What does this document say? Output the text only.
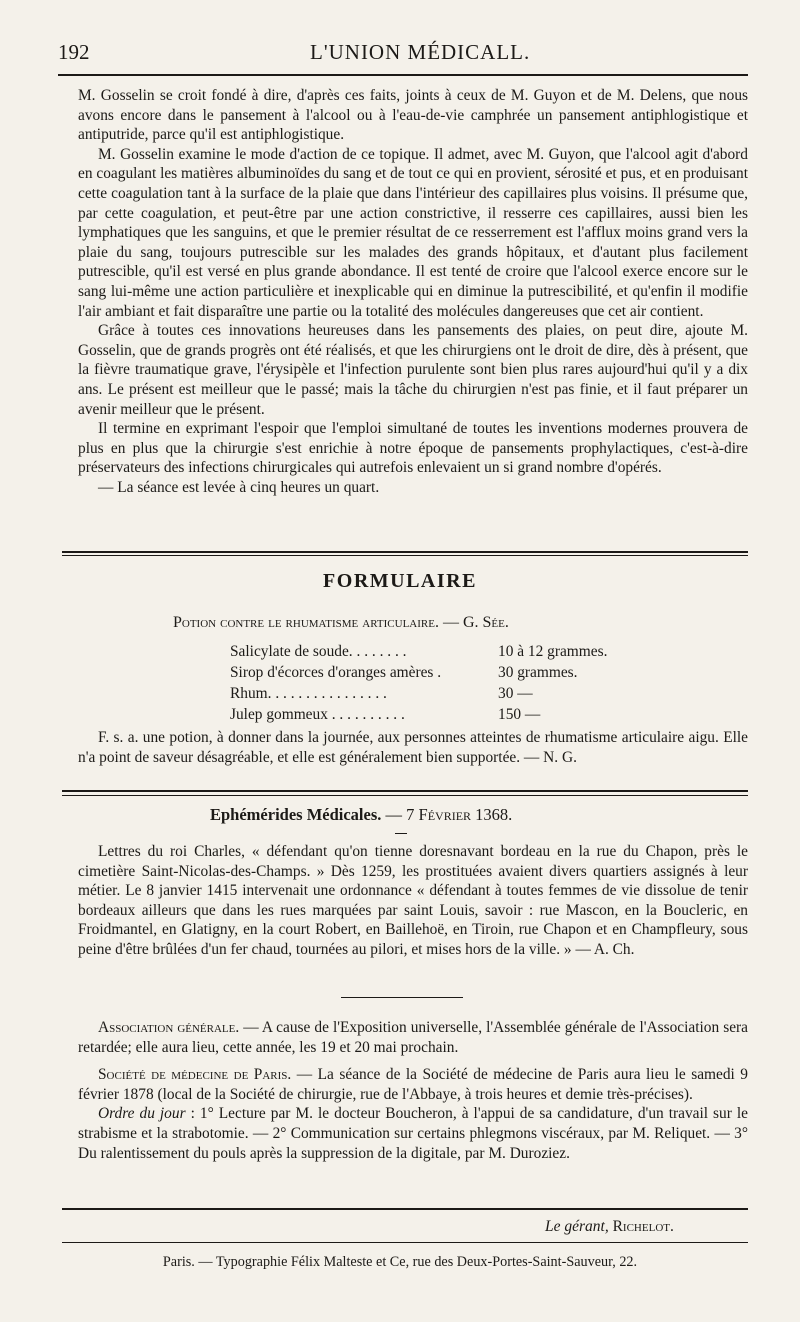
192	L'UNION MÉDICALL.

M. Gosselin se croit fondé à dire, d'après ces faits, joints à ceux de M. Guyon et de M. Delens, que nous avons encore dans le pansement à l'alcool ou à l'eau-de-vie camphrée un pansement antiphlogistique et antiputride, parce qu'il est antiphlogistique.

M. Gosselin examine le mode d'action de ce topique. Il admet, avec M. Guyon, que l'alcool agit d'abord en coagulant les matières albuminoïdes du sang et de tout ce qui en provient, sérosité et pus, et en produisant cette coagulation tant à la surface de la plaie que dans l'intérieur des capillaires plus voisins. Il présume que, par cette coagulation, et peut-être par une action constrictive, il resserre ces capillaires, aussi bien les lymphatiques que les sanguins, et que le premier résultat de ce resserrement est l'afflux moins grand vers la plaie du sang, toujours putrescible sur les malades des grands hôpitaux, et d'autant plus facilement putrescible, qu'il est versé en plus grande abondance. Il est tenté de croire que l'alcool exerce encore sur le sang lui-même une action particulière et inexplicable qui en diminue la putrescibilité, et qu'enfin il modifie l'air ambiant et fait disparaître une partie ou la totalité des molécules dangereuses que cet air contient.

Grâce à toutes ces innovations heureuses dans les pansements des plaies, on peut dire, ajoute M. Gosselin, que de grands progrès ont été réalisés, et que les chirurgiens ont le droit de dire, dès à présent, que la fièvre traumatique grave, l'érysipèle et l'infection purulente sont bien plus rares aujourd'hui qu'il y a dix ans. Le présent est meilleur que le passé; mais la tâche du chirurgien n'est pas finie, et il faut préparer un avenir meilleur que le présent.

Il termine en exprimant l'espoir que l'emploi simultané de toutes les inventions modernes prouvera de plus en plus que la chirurgie s'est enrichie à notre époque de pansements prophylactiques, c'est-à-dire préservateurs des infections chirurgicales qui autrefois enlevaient un si grand nombre d'opérés.

— La séance est levée à cinq heures un quart.

FORMULAIRE
Potion contre le rhumatisme articulaire. — G. Sée.
Salicylate de soude. . . . . . . .	10 à 12 grammes.
Sirop d'écorces d'oranges amères .	30 grammes.
Rhum. . . . . . . . . . . . . . . .	30 —
Julep gommeux . . . . . . . . . .	150 —

F. s. a. une potion, à donner dans la journée, aux personnes atteintes de rhumatisme articulaire aigu. Elle n'a point de saveur désagréable, et elle est généralement bien supportée. — N. G.

Ephémérides Médicales. — 7 Février 1368.

Lettres du roi Charles, « défendant qu'on tienne doresnavant bordeau en la rue du Chapon, près le cimetière Saint-Nicolas-des-Champs. » Dès 1259, les prostituées avaient divers quartiers assignés à leur métier. Le 8 janvier 1415 intervenait une ordonnance « défendant à toutes femmes de vie dissolue de tenir bordeaux ailleurs que dans les rues marquées par saint Louis, savoir : rue Mascon, en la Boucleric, en Froidmantel, en Glatigny, en la court Robert, en Baillehoë, en Tiroin, rue Chapon et en Champfleury, sous peine d'être brûlées d'un fer chaud, tournées au pilori, et mises hors de la ville. » — A. Ch.

Association générale. — A cause de l'Exposition universelle, l'Assemblée générale de l'Association sera retardée; elle aura lieu, cette année, les 19 et 20 mai prochain.

Société de médecine de Paris. — La séance de la Société de médecine de Paris aura lieu le samedi 9 février 1878 (local de la Société de chirurgie, rue de l'Abbaye, à trois heures et demie très-précises).

Ordre du jour : 1° Lecture par M. le docteur Boucheron, à l'appui de sa candidature, d'un travail sur le strabisme et la strabotomie. — 2° Communication sur certains phlegmons viscéraux, par M. Reliquet. — 3° Du ralentissement du pouls après la suppression de la digitale, par M. Duroziez.

Le gérant, Richelot.
Paris. — Typographie Félix Malteste et Ce, rue des Deux-Portes-Saint-Sauveur, 22.
